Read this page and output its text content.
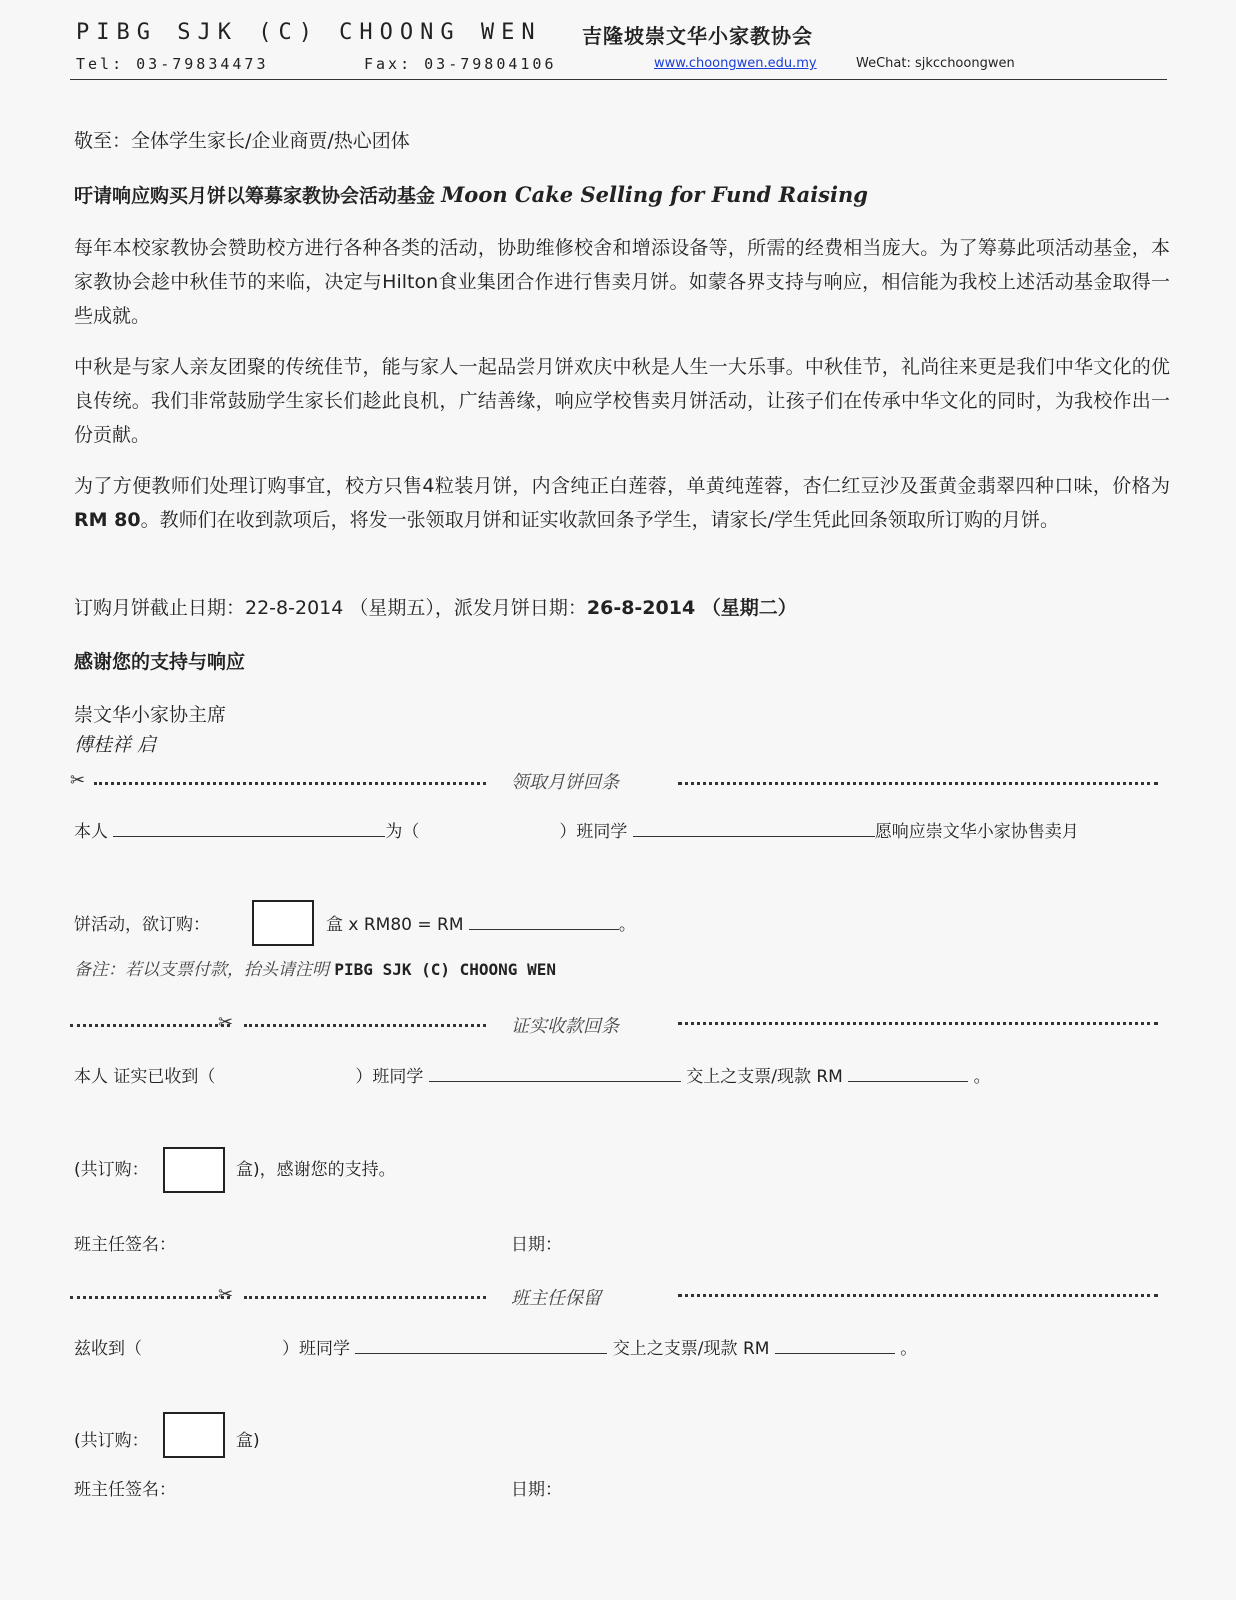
PIBG SJK (C) CHOONG WEN 吉隆坡崇文华小家教协会
Tel: 03-79834473	Fax: 03-79804106	www.choongwen.edu.my	WeChat: sjkcchoongwen
敬至：全体学生家长/企业商贾/热心团体
吁请响应购买月饼以筹募家教协会活动基金 Moon Cake Selling for Fund Raising
每年本校家教协会赞助校方进行各种各类的活动，协助维修校舍和增添设备等，所需的经费相当庞大。为了筹募此项活动基金，本家教协会趁中秋佳节的来临，决定与Hilton食业集团合作进行售卖月饼。如蒙各界支持与响应，相信能为我校上述活动基金取得一些成就。
中秋是与家人亲友团聚的传统佳节，能与家人一起品尝月饼欢庆中秋是人生一大乐事。中秋佳节，礼尚往来更是我们中华文化的优良传统。我们非常鼓励学生家长们趁此良机，广结善缘，响应学校售卖月饼活动，让孩子们在传承中华文化的同时，为我校作出一份贡献。
为了方便教师们处理订购事宜，校方只售4粒装月饼，内含纯正白莲蓉，单黄纯莲蓉，杏仁红豆沙及蛋黄金翡翠四种口味，价格为RM 80。教师们在收到款项后，将发一张领取月饼和证实收款回条予学生，请家长/学生凭此回条领取所订购的月饼。
订购月饼截止日期：22-8-2014 （星期五），派发月饼日期：26-8-2014 （星期二）
感谢您的支持与响应
崇文华小家协主席
傅桂祥 启
✂	领取月饼回条
本人	为（	）班同学	愿响应崇文华小家协售卖月
饼活动，欲订购：	盒 x RM80 = RM	。
备注：若以支票付款，抬头请注明 PIBG SJK (C) CHOONG WEN
✂	证实收款回条
本人 证实已收到（	）班同学	交上之支票/现款 RM	。
(共订购：	盒)，感谢您的支持。
班主任签名：	日期：
✂	班主任保留
兹收到（	）班同学	交上之支票/现款 RM	。
(共订购：	盒)
班主任签名：	日期：
